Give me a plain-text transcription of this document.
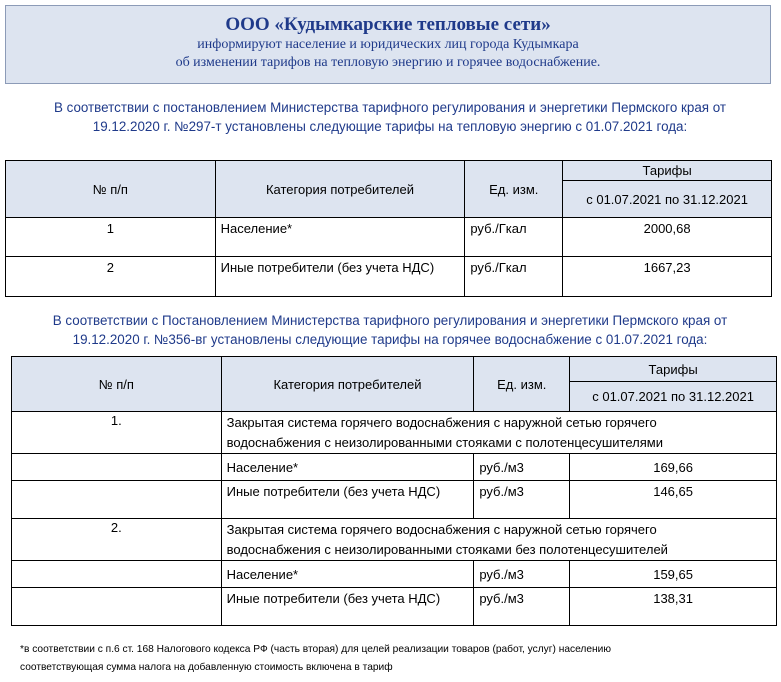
ООО «Кудымкарские тепловые сети»
информируют население и юридических лиц города Кудымкара
об изменении тарифов на тепловую энергию и горячее водоснабжение.
В соответствии с постановлением Министерства тарифного регулирования и энергетики Пермского края от
19.12.2020 г. №297-т установлены следующие тарифы на тепловую энергию с 01.07.2021 года:
№ п/п	Категория потребителей	Ед. изм.	Тарифы
			с 01.07.2021 по 31.12.2021
1	Население*	руб./Гкал	2000,68
2	Иные потребители (без учета НДС)	руб./Гкал	1667,23
В соответствии с Постановлением Министерства тарифного регулирования и энергетики Пермского края от
19.12.2020 г. №356-вг установлены следующие тарифы на горячее водоснабжение с 01.07.2021 года:
№ п/п	Категория потребителей	Ед. изм.	Тарифы
			с 01.07.2021 по 31.12.2021
1.	Закрытая система горячего водоснабжения с наружной сетью горячего
водоснабжения с неизолированными стояками с полотенцесушителями		

	Население*	руб./м3	169,66
	Иные потребители (без учета НДС)	руб./м3	146,65
2.	Закрытая система горячего водоснабжения с наружной сетью горячего
водоснабжения с неизолированными стояками без полотенцесушителей		

	Население*	руб./м3	159,65
	Иные потребители (без учета НДС)	руб./м3	138,31
*в соответствии с п.6 ст. 168 Налогового кодекса РФ (часть вторая) для целей реализации товаров (работ, услуг) населению
соответствующая сумма налога на добавленную стоимость включена в тариф
